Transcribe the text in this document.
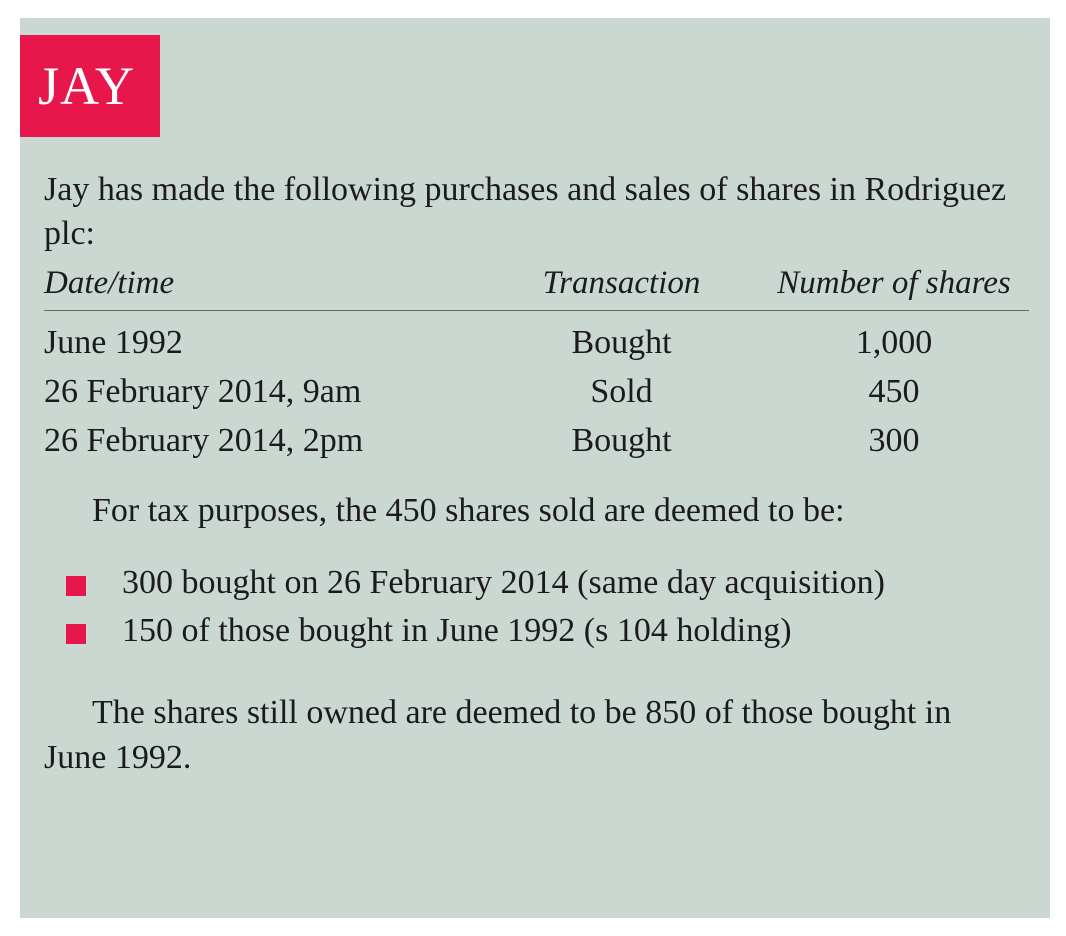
JAY

Jay has made the following purchases and sales of shares in Rodriguez plc:

Date/time	Transaction	Number of shares
June 1992	Bought	1,000
26 February 2014, 9am	Sold	450
26 February 2014, 2pm	Bought	300

For tax purposes, the 450 shares sold are deemed to be:

300 bought on 26 February 2014 (same day acquisition)
150 of those bought in June 1992 (s 104 holding)

The shares still owned are deemed to be 850 of those bought in June 1992.
